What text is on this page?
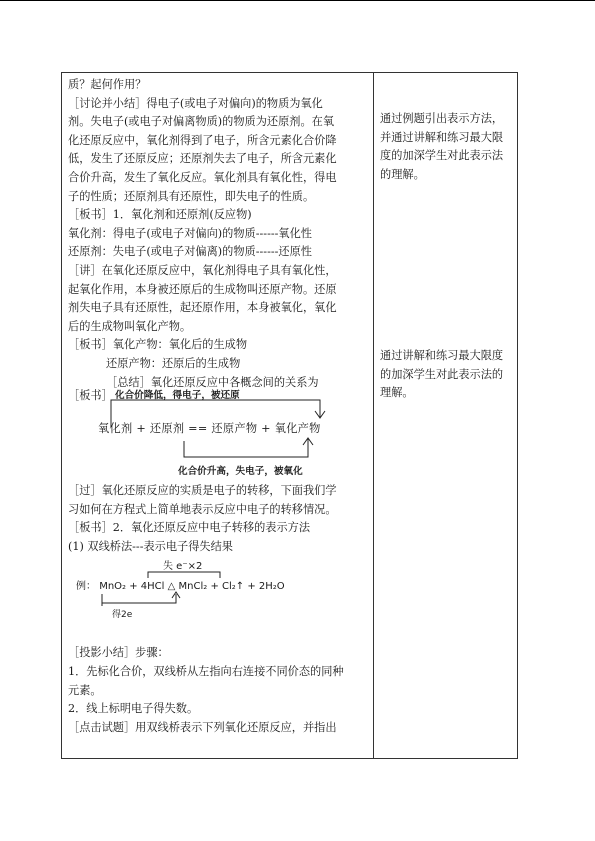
质？起何作用？

［讨论并小结］得电子(或电子对偏向)的物质为氧化

剂。失电子(或电子对偏离物质)的物质为还原剂。在氧

化还原反应中，氧化剂得到了电子，所含元素化合价降

低，发生了还原反应；还原剂失去了电子，所含元素化

合价升高，发生了氧化反应。氧化剂具有氧化性，得电

子的性质；还原剂具有还原性，即失电子的性质。

［板书］1．氧化剂和还原剂(反应物)

氧化剂：得电子(或电子对偏向)的物质------氧化性

还原剂：失电子(或电子对偏离)的物质------还原性

［讲］在氧化还原反应中，氧化剂得电子具有氧化性，

起氧化作用，本身被还原后的生成物叫还原产物。还原

剂失电子具有还原性，起还原作用，本身被氧化，氧化

后的生成物叫氧化产物。

［板书］氧化产物：氧化后的生成物

还原产物：还原后的生成物

［总结］氧化还原反应中各概念间的关系为

［板书］ 化合价降低，得电子，被还原
氧化剂 + 还原剂 == 还原产物 + 氧化产物
化合价升高，失电子，被氧化

［过］氧化还原反应的实质是电子的转移，下面我们学

习如何在方程式上简单地表示反应中电子的转移情况。

［板书］2．氧化还原反应中电子转移的表示方法

(1) 双线桥法---表示电子得失结果

失 e⁻×2
例： MnO₂ + 4HCl △ MnCl₂ + Cl₂↑ + 2H₂O
得2e

［投影小结］步骤：

1．先标化合价，双线桥从左指向右连接不同价态的同种

元素。

2．线上标明电子得失数。

［点击试题］用双线桥表示下列氧化还原反应，并指出

通过例题引出表示方法，

并通过讲解和练习最大限

度的加深学生对此表示法

的理解。

通过讲解和练习最大限度

的加深学生对此表示法的

理解。
